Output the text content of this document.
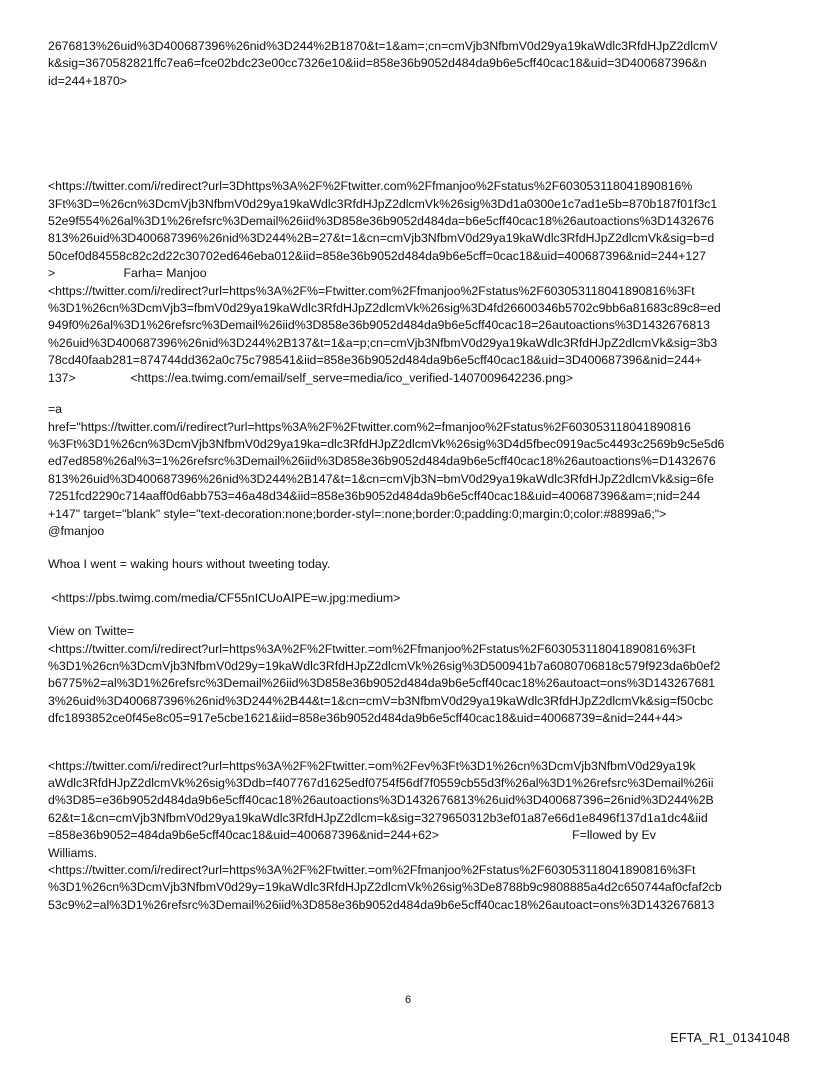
2676813%26uid%3D400687396%26nid%3D244%2B1870&t=1&am=;cn=cmVjb3NfbmV0d29ya19kaWdlc3RfdHJpZ2dlcmV
k&sig=3670582821ffc7ea6=fce02bdc23e00cc7326e10&iid=858e36b9052d484da9b6e5cff40cac18&uid=3D400687396&n
id=244+1870>

<https://twitter.com/i/redirect?url=3Dhttps%3A%2F%2Ftwitter.com%2Ffmanjoo%2Fstatus%2F603053118041890816%
3Ft%3D=%26cn%3DcmVjb3NfbmV0d29ya19kaWdlc3RfdHJpZ2dlcmVk%26sig%3Dd1a0300e1c7ad1e5b=870b187f01f3c1
52e9f554%26al%3D1%26refsrc%3Demail%26iid%3D858e36b9052d484da=b6e5cff40cac18%26autoactions%3D1432676
813%26uid%3D400687396%26nid%3D244%2B=27&t=1&cn=cmVjb3NfbmV0d29ya19kaWdlc3RfdHJpZ2dlcmVk&sig=b=d
50cef0d84558c82c2d22c30702ed646eba012&iid=858e36b9052d484da9b6e5cff=0cac18&uid=400687396&nid=244+127
>                    Farha= Manjoo
<https://twitter.com/i/redirect?url=https%3A%2F%=Ftwitter.com%2Ffmanjoo%2Fstatus%2F603053118041890816%3Ft
%3D1%26cn%3DcmVjb3=fbmV0d29ya19kaWdlc3RfdHJpZ2dlcmVk%26sig%3D4fd26600346b5702c9bb6a81683c89c8=ed
949f0%26al%3D1%26refsrc%3Demail%26iid%3D858e36b9052d484da9b6e5cff40cac18=26autoactions%3D1432676813
%26uid%3D400687396%26nid%3D244%2B137&t=1&a=p;cn=cmVjb3NfbmV0d29ya19kaWdlc3RfdHJpZ2dlcmVk&sig=3b3
78cd40faab281=874744dd362a0c75c798541&iid=858e36b9052d484da9b6e5cff40cac18&uid=3D400687396&nid=244+
137>                <https://ea.twimg.com/email/self_serve=media/ico_verified-1407009642236.png>

=a
href="https://twitter.com/i/redirect?url=https%3A%2F%2Ftwitter.com%2=fmanjoo%2Fstatus%2F603053118041890816
%3Ft%3D1%26cn%3DcmVjb3NfbmV0d29ya19ka=dlc3RfdHJpZ2dlcmVk%26sig%3D4d5fbec0919ac5c4493c2569b9c5e5d6
ed7ed858%26al%3=1%26refsrc%3Demail%26iid%3D858e36b9052d484da9b6e5cff40cac18%26autoactions%=D1432676
813%26uid%3D400687396%26nid%3D244%2B147&t=1&cn=cmVjb3N=bmV0d29ya19kaWdlc3RfdHJpZ2dlcmVk&sig=6fe
7251fcd2290c714aaff0d6abb753=46a48d34&iid=858e36b9052d484da9b6e5cff40cac18&uid=400687396&am=;nid=244
+147" target="blank" style="text-decoration:none;border-styl=:none;border:0;padding:0;margin:0;color:#8899a6;">
@fmanjoo

Whoa I went = waking hours without tweeting today.

<https://pbs.twimg.com/media/CF55nICUoAIPE=w.jpg:medium>

View on Twitte=
<https://twitter.com/i/redirect?url=https%3A%2F%2Ftwitter.=om%2Ffmanjoo%2Fstatus%2F603053118041890816%3Ft
%3D1%26cn%3DcmVjb3NfbmV0d29y=19kaWdlc3RfdHJpZ2dlcmVk%26sig%3D500941b7a6080706818c579f923da6b0ef2
b6775%2=al%3D1%26refsrc%3Demail%26iid%3D858e36b9052d484da9b6e5cff40cac18%26autoact=ons%3D143267681
3%26uid%3D400687396%26nid%3D244%2B44&t=1&cn=cmV=b3NfbmV0d29ya19kaWdlc3RfdHJpZ2dlcmVk&sig=f50cbc
dfc1893852ce0f45e8c05=917e5cbe1621&iid=858e36b9052d484da9b6e5cff40cac18&uid=40068739=&nid=244+44>

<https://twitter.com/i/redirect?url=https%3A%2F%2Ftwitter.=om%2Fev%3Ft%3D1%26cn%3DcmVjb3NfbmV0d29ya19k
aWdlc3RfdHJpZ2dlcmVk%26sig%3Ddb=f407767d1625edf0754f56df7f0559cb55d3f%26al%3D1%26refsrc%3Demail%26ii
d%3D85=e36b9052d484da9b6e5cff40cac18%26autoactions%3D1432676813%26uid%3D400687396=26nid%3D244%2B
62&t=1&cn=cmVjb3NfbmV0d29ya19kaWdlc3RfdHJpZ2dlcm=k&sig=3279650312b3ef01a87e66d1e8496f137d1a1dc4&iid
=858e36b9052=484da9b6e5cff40cac18&uid=400687396&nid=244+62>                                       F=llowed by Ev
Williams.
<https://twitter.com/i/redirect?url=https%3A%2F%2Ftwitter.=om%2Ffmanjoo%2Fstatus%2F603053118041890816%3Ft
%3D1%26cn%3DcmVjb3NfbmV0d29y=19kaWdlc3RfdHJpZ2dlcmVk%26sig%3De8788b9c9808885a4d2c650744af0cfaf2cb
53c9%2=al%3D1%26refsrc%3Demail%26iid%3D858e36b9052d484da9b6e5cff40cac18%26autoact=ons%3D1432676813

6
EFTA_R1_01341048
